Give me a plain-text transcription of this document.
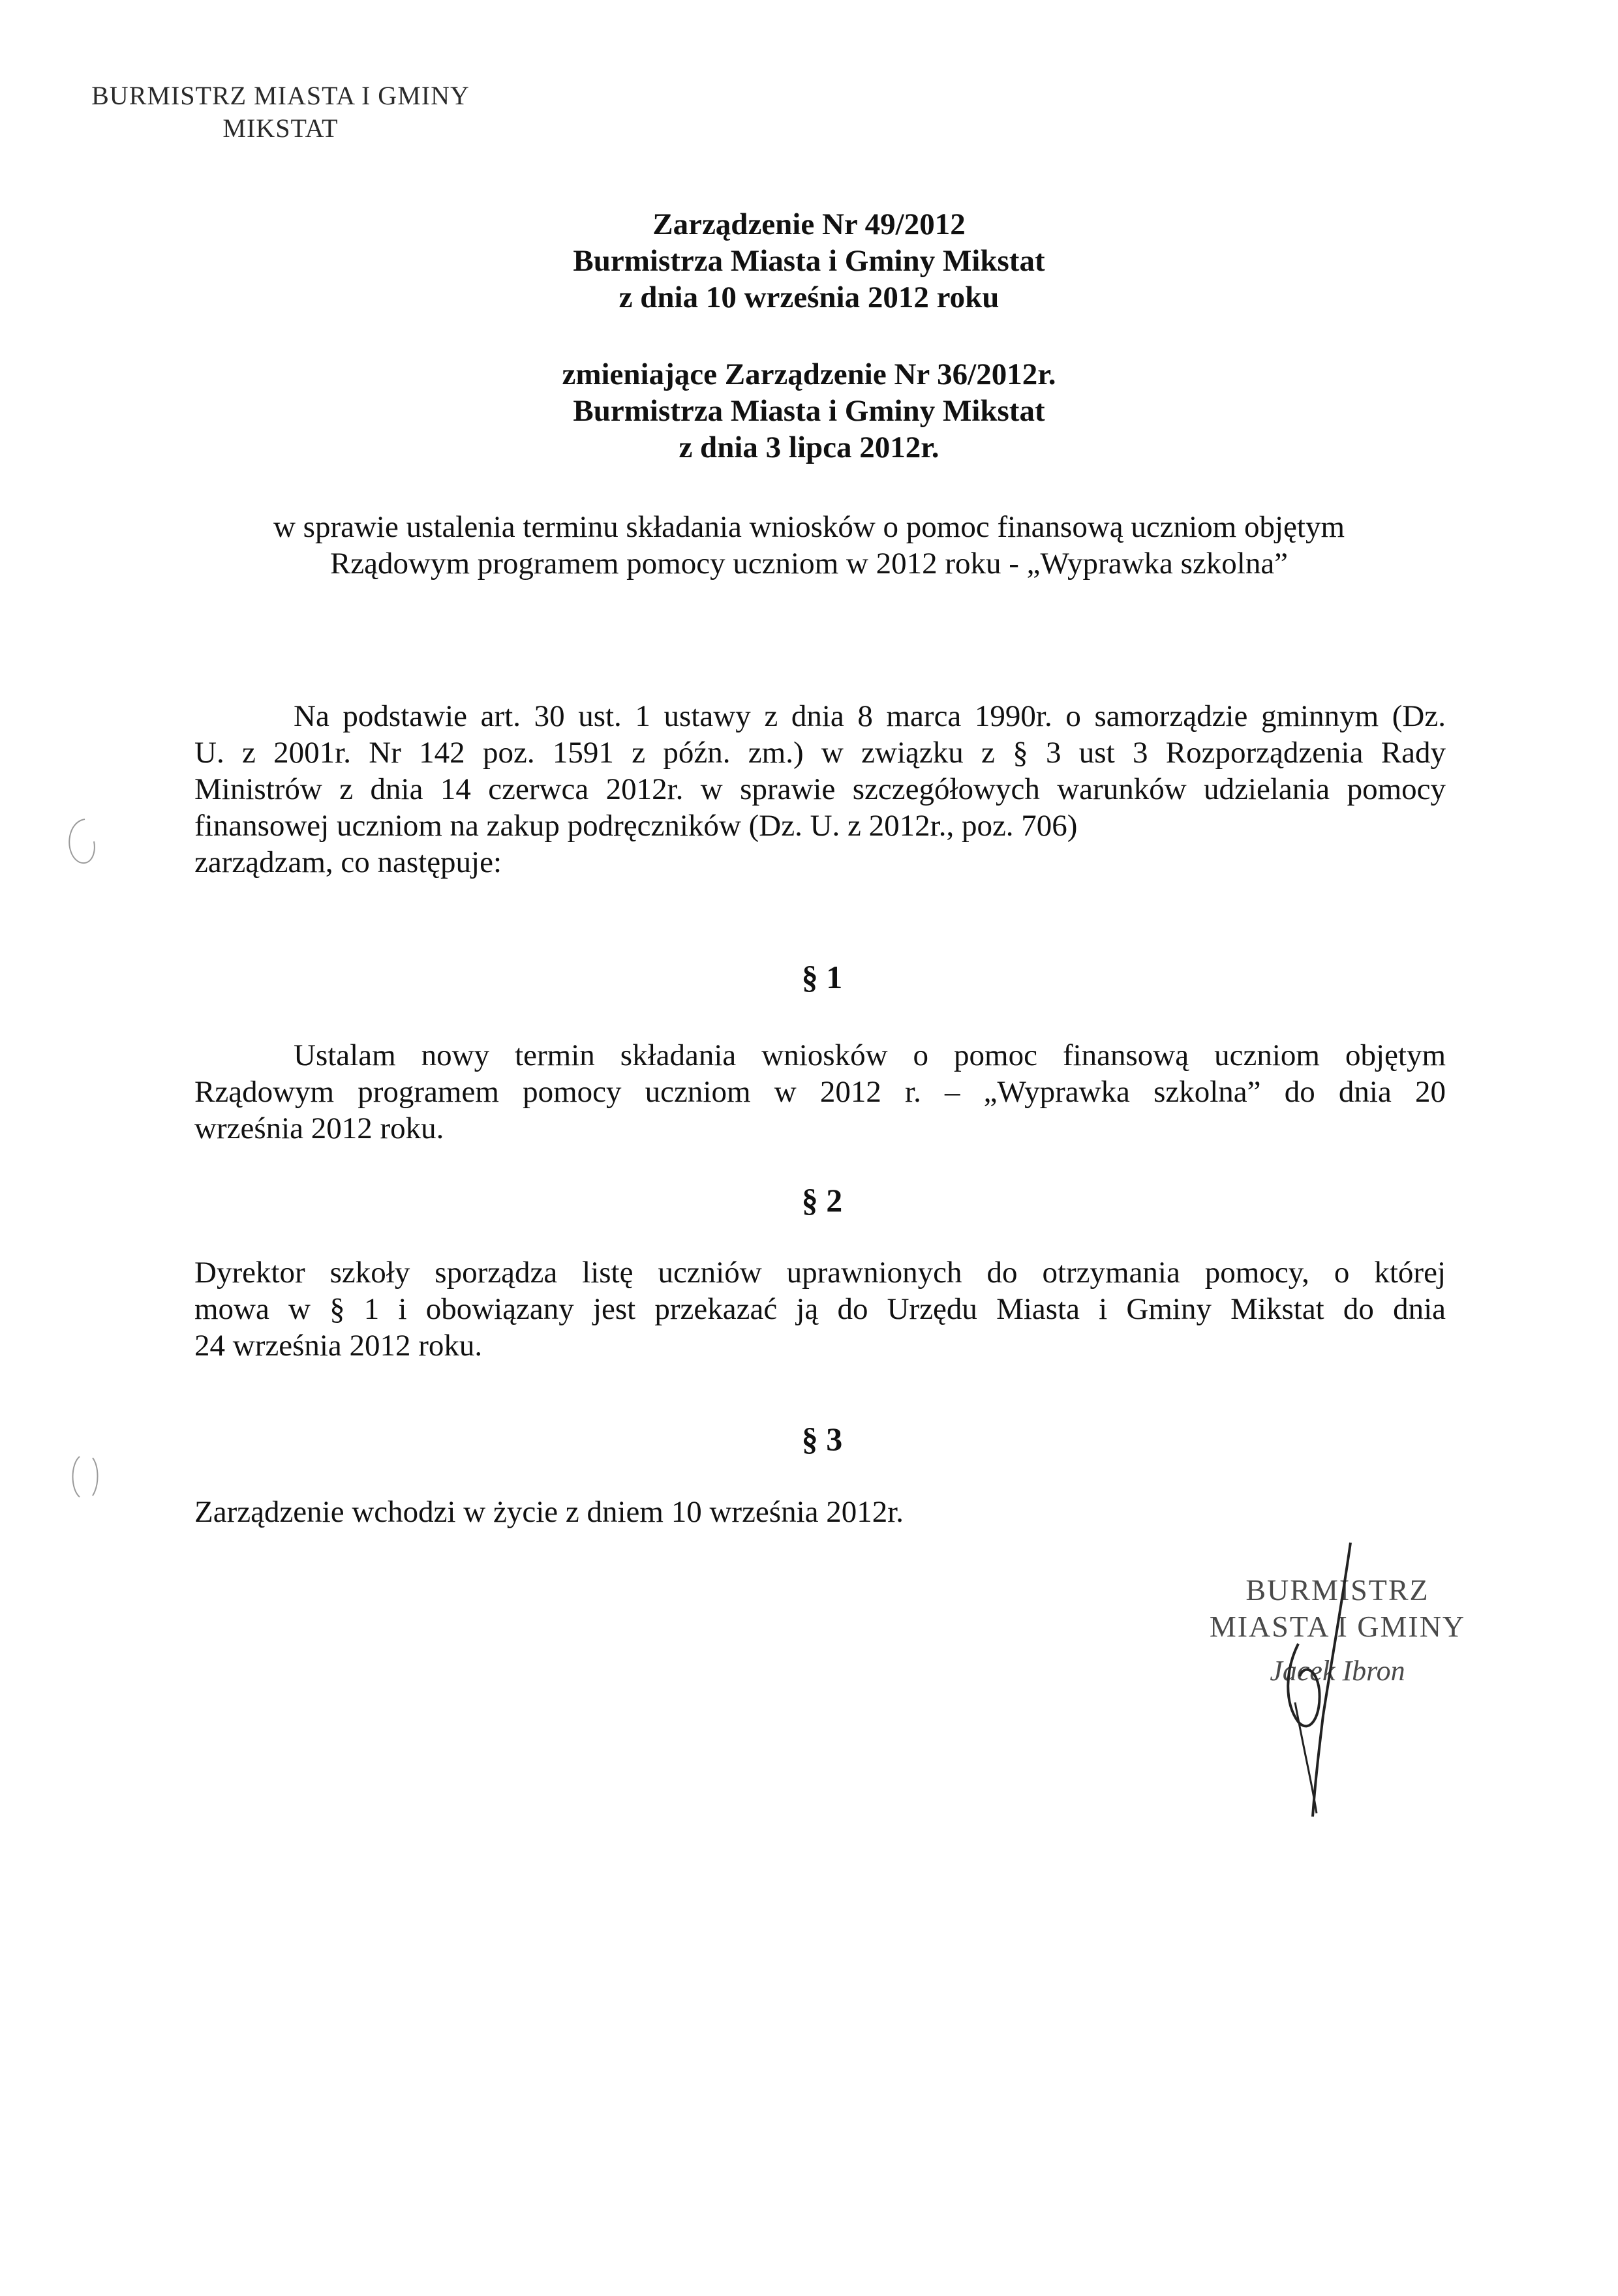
BURMISTRZ MIASTA I GMINY
MIKSTAT
Zarządzenie Nr 49/2012
Burmistrza Miasta i Gminy Mikstat
z dnia 10 września 2012 roku
zmieniające Zarządzenie Nr 36/2012r.
Burmistrza Miasta i Gminy Mikstat
z dnia 3 lipca 2012r.
w sprawie ustalenia terminu składania wniosków o pomoc finansową uczniom objętym
Rządowym programem pomocy uczniom w 2012 roku - „Wyprawka szkolna”
Na podstawie art. 30 ust. 1 ustawy z dnia 8 marca 1990r. o samorządzie gminnym (Dz.
U. z 2001r. Nr 142 poz. 1591 z późn. zm.) w związku z § 3 ust 3 Rozporządzenia Rady
Ministrów z dnia 14 czerwca 2012r. w sprawie szczegółowych warunków udzielania pomocy
finansowej uczniom na zakup podręczników (Dz. U. z 2012r., poz. 706)
zarządzam, co następuje:
§ 1
Ustalam nowy termin składania wniosków o pomoc finansową uczniom objętym
Rządowym programem pomocy uczniom w 2012 r. – „Wyprawka szkolna” do dnia 20
września 2012 roku.
§ 2
Dyrektor szkoły sporządza listę uczniów uprawnionych do otrzymania pomocy, o której
mowa w § 1 i obowiązany jest przekazać ją do Urzędu Miasta i Gminy Mikstat do dnia
24 września 2012 roku.
§ 3
Zarządzenie wchodzi w życie z dniem 10 września 2012r.
BURMISTRZ
MIASTA I GMINY
Jacek Ibron
